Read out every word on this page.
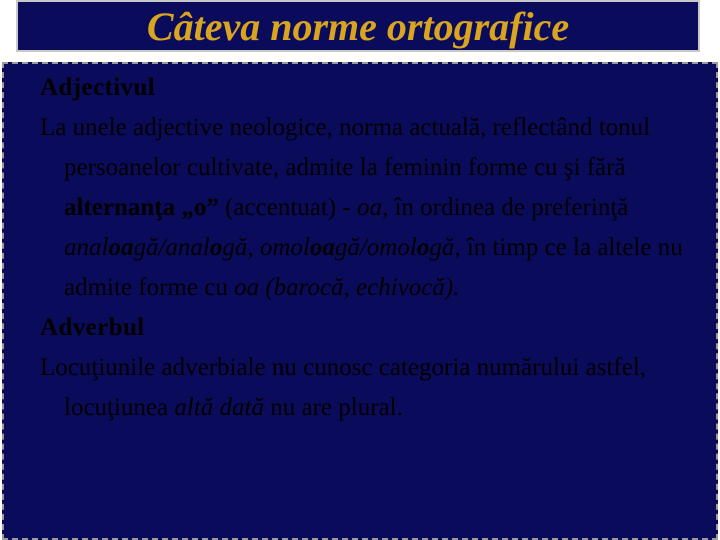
Câteva norme ortografice
Adjectivul
La unele adjective neologice, norma actuală, reflectând tonul persoanelor cultivate, admite la feminin forme cu şi fără alternanţa „o” (accentuat) - oa, în ordinea de preferinţă analoagă/analogă, omoloagă/omologă, în timp ce la altele nu admite forme cu oa (barocă, echivocă).
Adverbul
Locuţiunile adverbiale nu cunosc categoria numărului astfel, locuţiunea altă dată nu are plural.
